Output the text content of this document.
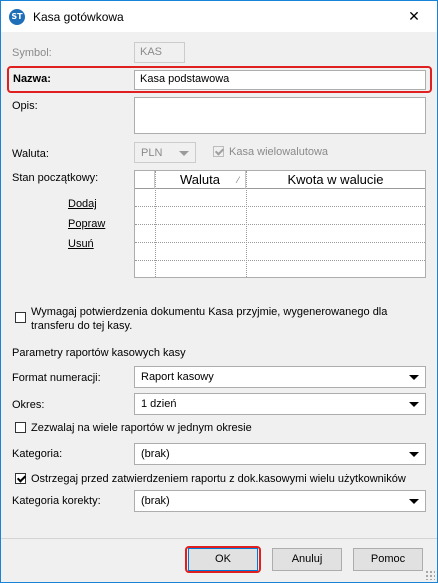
ST Kasa gotówkowa	✕
Symbol:	KAS
Nazwa:	Kasa podstawowa
Opis:
Waluta:	PLN	Kasa wielowalutowa
Stan początkowy:
Dodaj
Popraw
Usuń
Waluta ⁄	Kwota w walucie
Wymagaj potwierdzenia dokumentu Kasa przyjmie, wygenerowanego dla
transferu do tej kasy.
Parametry raportów kasowych kasy
Format numeracji:	Raport kasowy
Okres:	1 dzień
Zezwalaj na wiele raportów w jednym okresie
Kategoria:	(brak)
Ostrzegaj przed zatwierdzeniem raportu z dok.kasowymi wielu użytkowników
Kategoria korekty:	(brak)
OK	Anuluj	Pomoc
